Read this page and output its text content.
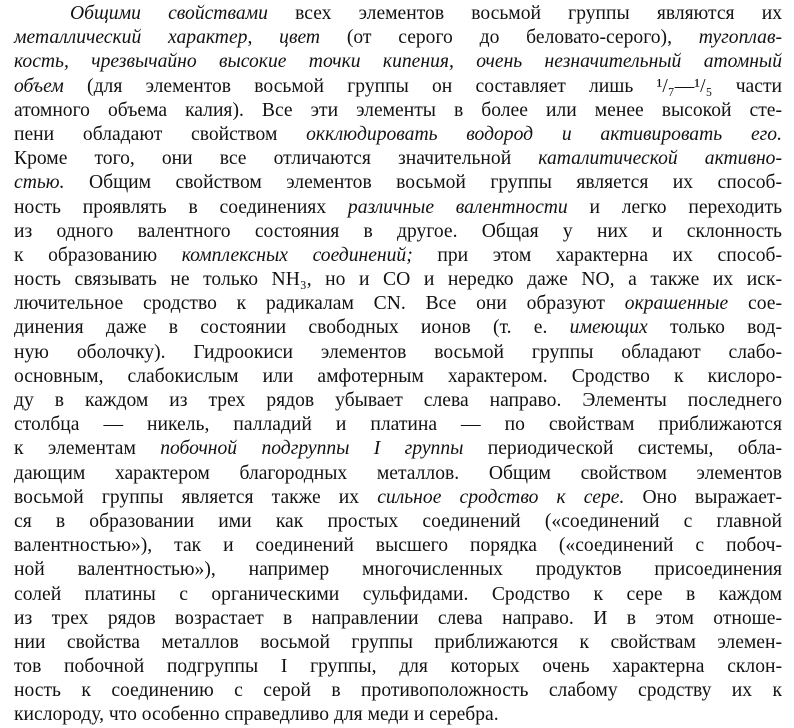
Общими свойствами всех элементов восьмой группы являются их
металлический характер, цвет (от серого до беловато-серого), тугоплав-
кость, чрезвычайно высокие точки кипения, очень незначительный атомный
объем (для элементов восьмой группы он составляет лишь ¹/₇—¹/₅ части
атомного объема калия). Все эти элементы в более или менее высокой сте-
пени обладают свойством окклюдировать водород и активировать его.
Кроме того, они все отличаются значительной каталитической активно-
стью. Общим свойством элементов восьмой группы является их способ-
ность проявлять в соединениях различные валентности и легко переходить
из одного валентного состояния в другое. Общая у них и склонность
к образованию комплексных соединений; при этом характерна их способ-
ность связывать не только NH₃, но и CO и нередко даже NO, а также их иск-
лючительное сродство к радикалам CN. Все они образуют окрашенные сое-
динения даже в состоянии свободных ионов (т. е. имеющих только вод-
ную оболочку). Гидроокиси элементов восьмой группы обладают слабо-
основным, слабокислым или амфотерным характером. Сродство к кислоро-
ду в каждом из трех рядов убывает слева направо. Элементы последнего
столбца — никель, палладий и платина — по свойствам приближаются
к элементам побочной подгруппы I группы периодической системы, обла-
дающим характером благородных металлов. Общим свойством элементов
восьмой группы является также их сильное сродство к сере. Оно выражает-
ся в образовании ими как простых соединений («соединений с главной
валентностью»), так и соединений высшего порядка («соединений с побоч-
ной валентностью»), например многочисленных продуктов присоединения
солей платины с органическими сульфидами. Сродство к сере в каждом
из трех рядов возрастает в направлении слева направо. И в этом отноше-
нии свойства металлов восьмой группы приближаются к свойствам элемен-
тов побочной подгруппы I группы, для которых очень характерна склон-
ность к соединению с серой в противоположность слабому сродству их к
кислороду, что особенно справедливо для меди и серебра.
